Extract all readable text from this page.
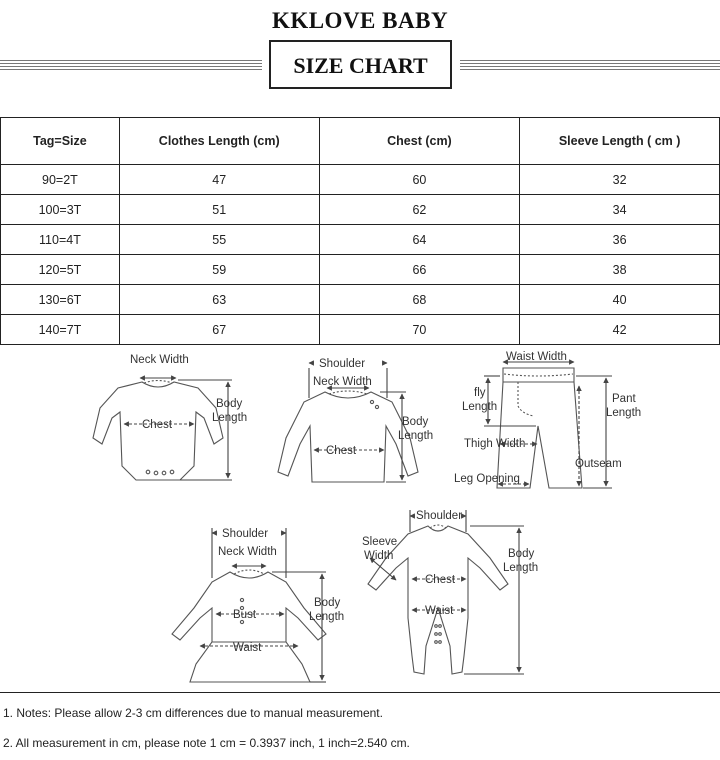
KKLOVE BABY
SIZE CHART
Tag=Size	Clothes Length (cm)	Chest (cm)	Sleeve Length ( cm )
90=2T	47	60	32
100=3T	51	62	34
110=4T	55	64	36
120=5T	59	66	38
130=6T	63	68	40
140=7T	67	70	42
Neck Width
Chest
Body
Length
Shoulder
Neck Width
Chest
Body
Length
Waist Width
fly
Length
Pant
Length
Thigh Width
Outseam
Leg Opening
Shoulder
Neck Width
Bust
Waist
Body
Length
Shoulder
Sleeve
Width
Chest
Waist
Body
Length
1. Notes: Please allow 2-3 cm differences due to manual measurement.
2. All measurement in cm, please note 1 cm = 0.3937 inch, 1 inch=2.540 cm.
